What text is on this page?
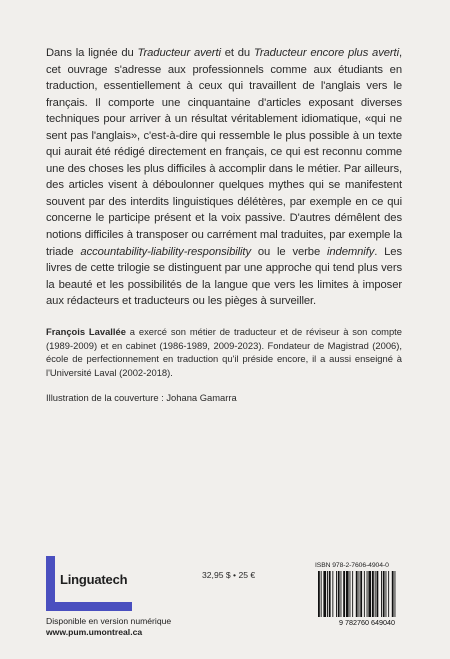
Dans la lignée du Traducteur averti et du Traducteur encore plus averti, cet ouvrage s'adresse aux professionnels comme aux étudiants en traduction, essentiellement à ceux qui travaillent de l'anglais vers le français. Il comporte une cinquantaine d'articles exposant diverses techniques pour arriver à un résultat véritablement idiomatique, «qui ne sent pas l'anglais», c'est-à-dire qui ressemble le plus possible à un texte qui aurait été rédigé directement en français, ce qui est reconnu comme une des choses les plus difficiles à accomplir dans le métier. Par ailleurs, des articles visent à déboulonner quelques mythes qui se manifestent souvent par des interdits linguistiques délétères, par exemple en ce qui concerne le participe présent et la voix passive. D'autres démêlent des notions difficiles à transposer ou carrément mal traduites, par exemple la triade accountability-liability-responsibility ou le verbe indemnify. Les livres de cette trilogie se distinguent par une approche qui tend plus vers la beauté et les possibilités de la langue que vers les limites à imposer aux rédacteurs et traducteurs ou les pièges à surveiller.

François Lavallée a exercé son métier de traducteur et de réviseur à son compte (1989-2009) et en cabinet (1986-1989, 2009-2023). Fondateur de Magistrad (2006), école de perfectionnement en traduction qu'il préside encore, il a aussi enseigné à l'Université Laval (2002-2018).
Illustration de la couverture : Johana Gamarra
Linguatech	32,95 $ • 25 €
ISBN 978-2-7606-4904-0
9 782760 649040
Disponible en version numérique
www.pum.umontreal.ca
